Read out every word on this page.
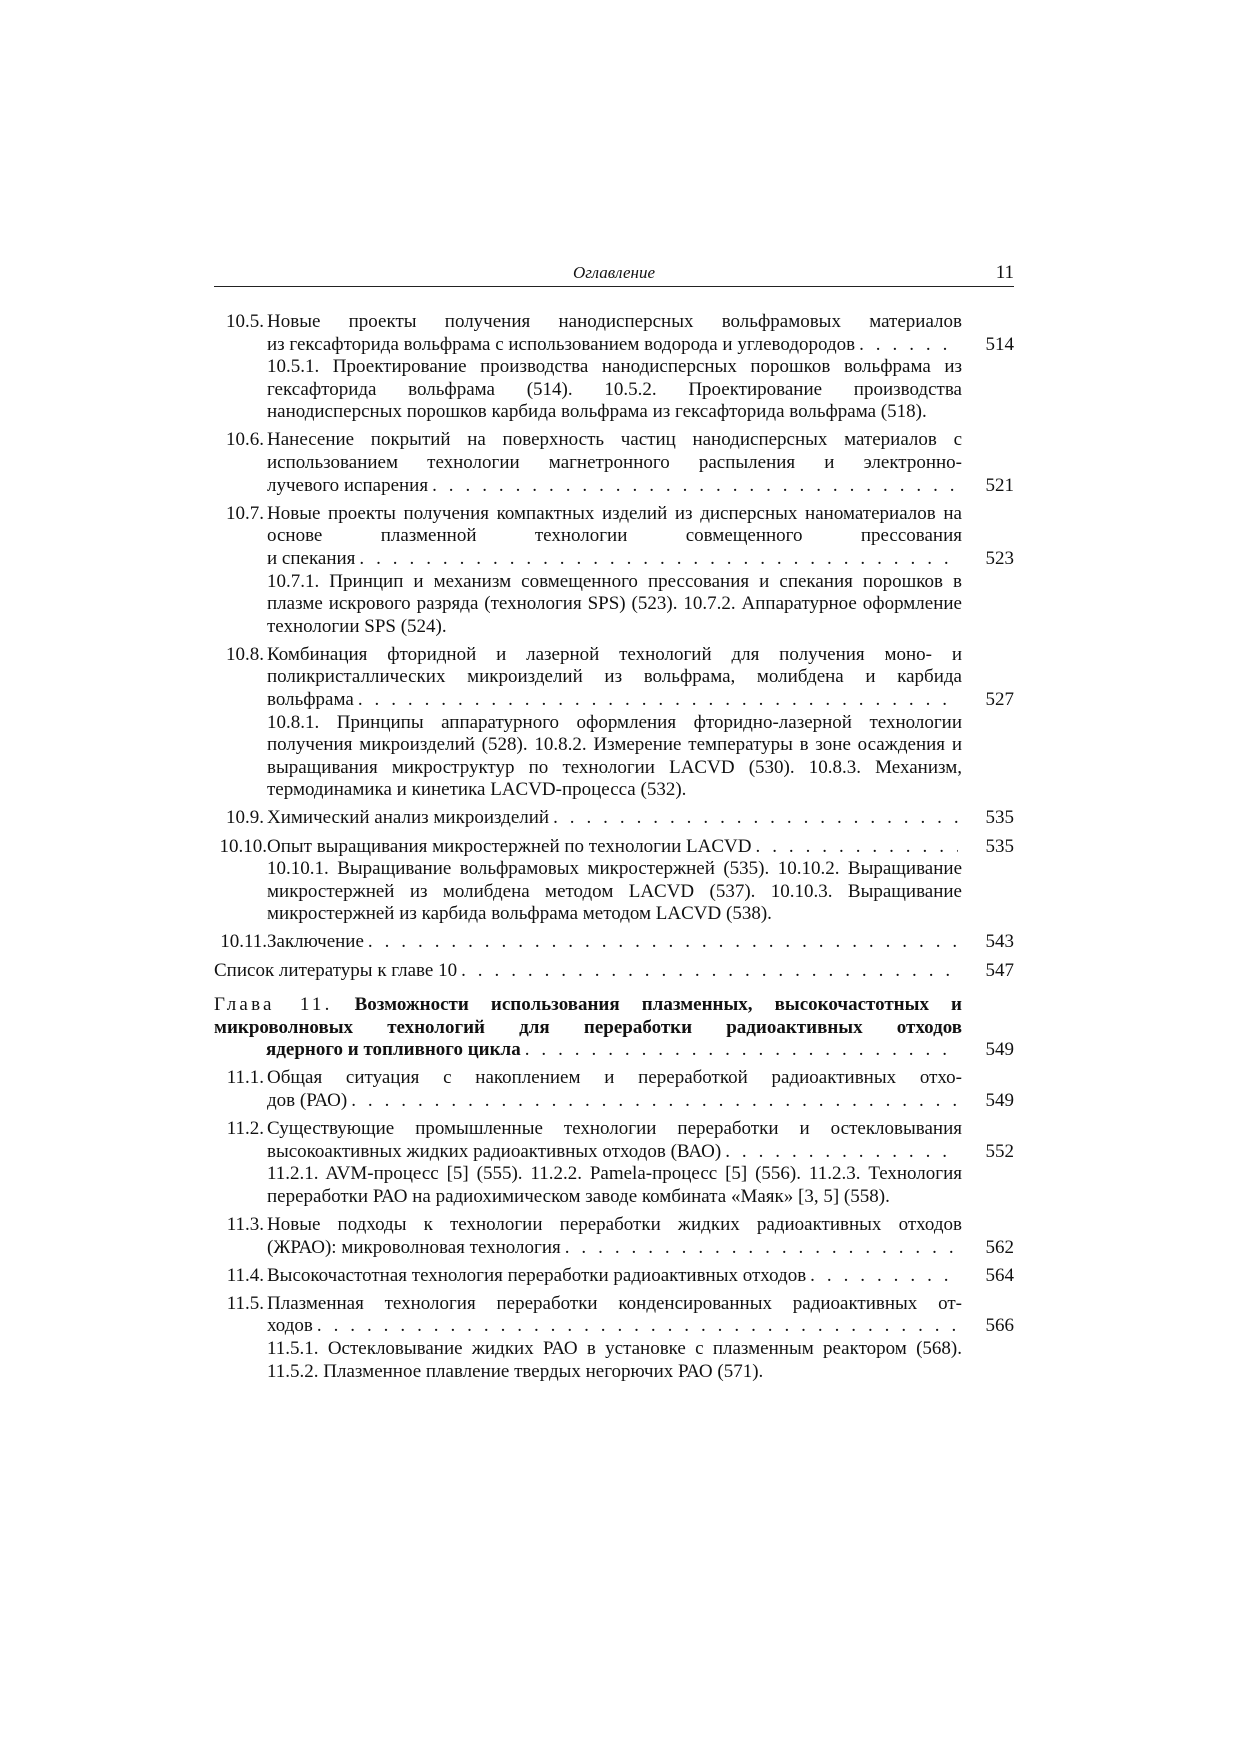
Оглавление	11
10.5. Новые проекты получения нанодисперсных вольфрамовых материалов
из гексафторида вольфрама с использованием водорода и углеводородов . . .	514
10.5.1. Проектирование производства нанодисперсных порошков вольфрама из гексафторида вольфрама (514). 10.5.2. Проектирование производства нанодисперсных порошков карбида вольфрама из гексафторида вольфрама (518).
10.6. Нанесение покрытий на поверхность частиц нанодисперсных материалов с использованием технологии магнетронного распыления и электронно-
лучевого испарения . . .	521
10.7. Новые проекты получения компактных изделий из дисперсных наноматериалов на основе плазменной технологии совмещенного прессования
и спекания . . .	523
10.7.1. Принцип и механизм совмещенного прессования и спекания порошков в плазме искрового разряда (технология SPS) (523). 10.7.2. Аппаратурное оформление технологии SPS (524).
10.8. Комбинация фторидной и лазерной технологий для получения моно- и поликристаллических микроизделий из вольфрама, молибдена и карбида
вольфрама . . .	527
10.8.1. Принципы аппаратурного оформления фторидно-лазерной технологии получения микроизделий (528). 10.8.2. Измерение температуры в зоне осаждения и выращивания микроструктур по технологии LACVD (530). 10.8.3. Механизм, термодинамика и кинетика LACVD-процесса (532).
10.9. Химический анализ микроизделий . . .	535
10.10. Опыт выращивания микростержней по технологии LACVD . . .	535
10.10.1. Выращивание вольфрамовых микростержней (535). 10.10.2. Выращивание микростержней из молибдена методом LACVD (537). 10.10.3. Выращивание микростержней из карбида вольфрама методом LACVD (538).
10.11. Заключение . . .	543
Список литературы к главе 10 . . .	547
Глава 11. Возможности использования плазменных, высокочастотных и микроволновых технологий для переработки радиоактивных отходов
ядерного и топливного цикла . . .	549
11.1. Общая ситуация с накоплением и переработкой радиоактивных отхо-
дов (РАО) . . .	549
11.2. Существующие промышленные технологии переработки и остекловывания
высокоактивных жидких радиоактивных отходов (ВАО) . . .	552
11.2.1. AVM-процесс [5] (555). 11.2.2. Pamela-процесс [5] (556). 11.2.3. Технология переработки РАО на радиохимическом заводе комбината «Маяк» [3, 5] (558).
11.3. Новые подходы к технологии переработки жидких радиоактивных отходов
(ЖРАО): микроволновая технология . . .	562
11.4. Высокочастотная технология переработки радиоактивных отходов . . .	564
11.5. Плазменная технология переработки конденсированных радиоактивных от-
ходов . . .	566
11.5.1. Остекловывание жидких РАО в установке с плазменным реактором (568). 11.5.2. Плазменное плавление твердых негорючих РАО (571).
